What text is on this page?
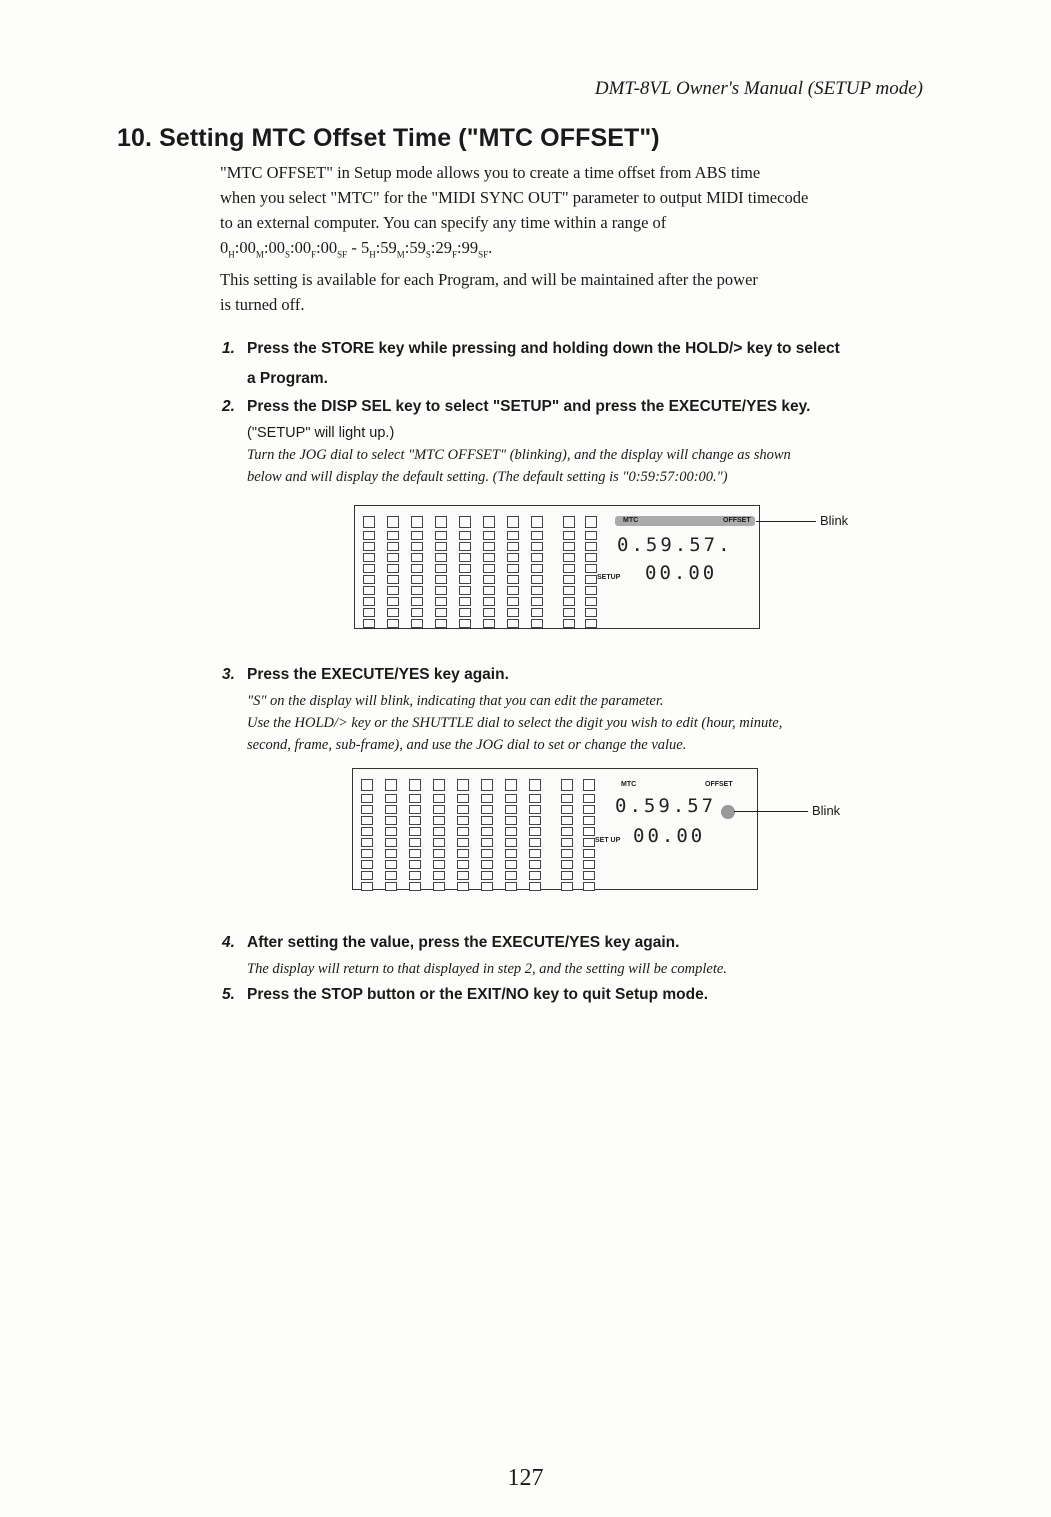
DMT-8VL Owner's Manual (SETUP mode)
10. Setting MTC Offset Time ("MTC OFFSET")

"MTC OFFSET" in Setup mode allows you to create a time offset from ABS time

when you select "MTC" for the "MIDI SYNC OUT" parameter to output MIDI timecode

to an external computer. You can specify any time within a range of

$0_H:00_M:00_S:00_F:00_{SF}$ - $5_H:59_M:59_S:29_F:99_{SF}$.

This setting is available for each Program, and will be maintained after the power

is turned off.

1. Press the STORE key while pressing and holding down the HOLD/> key to select
a Program.
2. Press the DISP SEL key to select "SETUP" and press the EXECUTE/YES key.
("SETUP" will light up.)
Turn the JOG dial to select "MTC OFFSET" (blinking), and the display will change as shown
below and will display the default setting. (The default setting is "0:59:57:00:00.")
MTC	OFFSET
0.59.57.
SETUP 00.00
Blink
3. Press the EXECUTE/YES key again.
"S" on the display will blink, indicating that you can edit the parameter.
Use the HOLD/> key or the SHUTTLE dial to select the digit you wish to edit (hour, minute,
second, frame, sub-frame), and use the JOG dial to set or change the value.
MTC	OFFSET
0.59.57
SET UP 00.00
Blink
4. After setting the value, press the EXECUTE/YES key again.
The display will return to that displayed in step 2, and the setting will be complete.
5. Press the STOP button or the EXIT/NO key to quit Setup mode.
127
